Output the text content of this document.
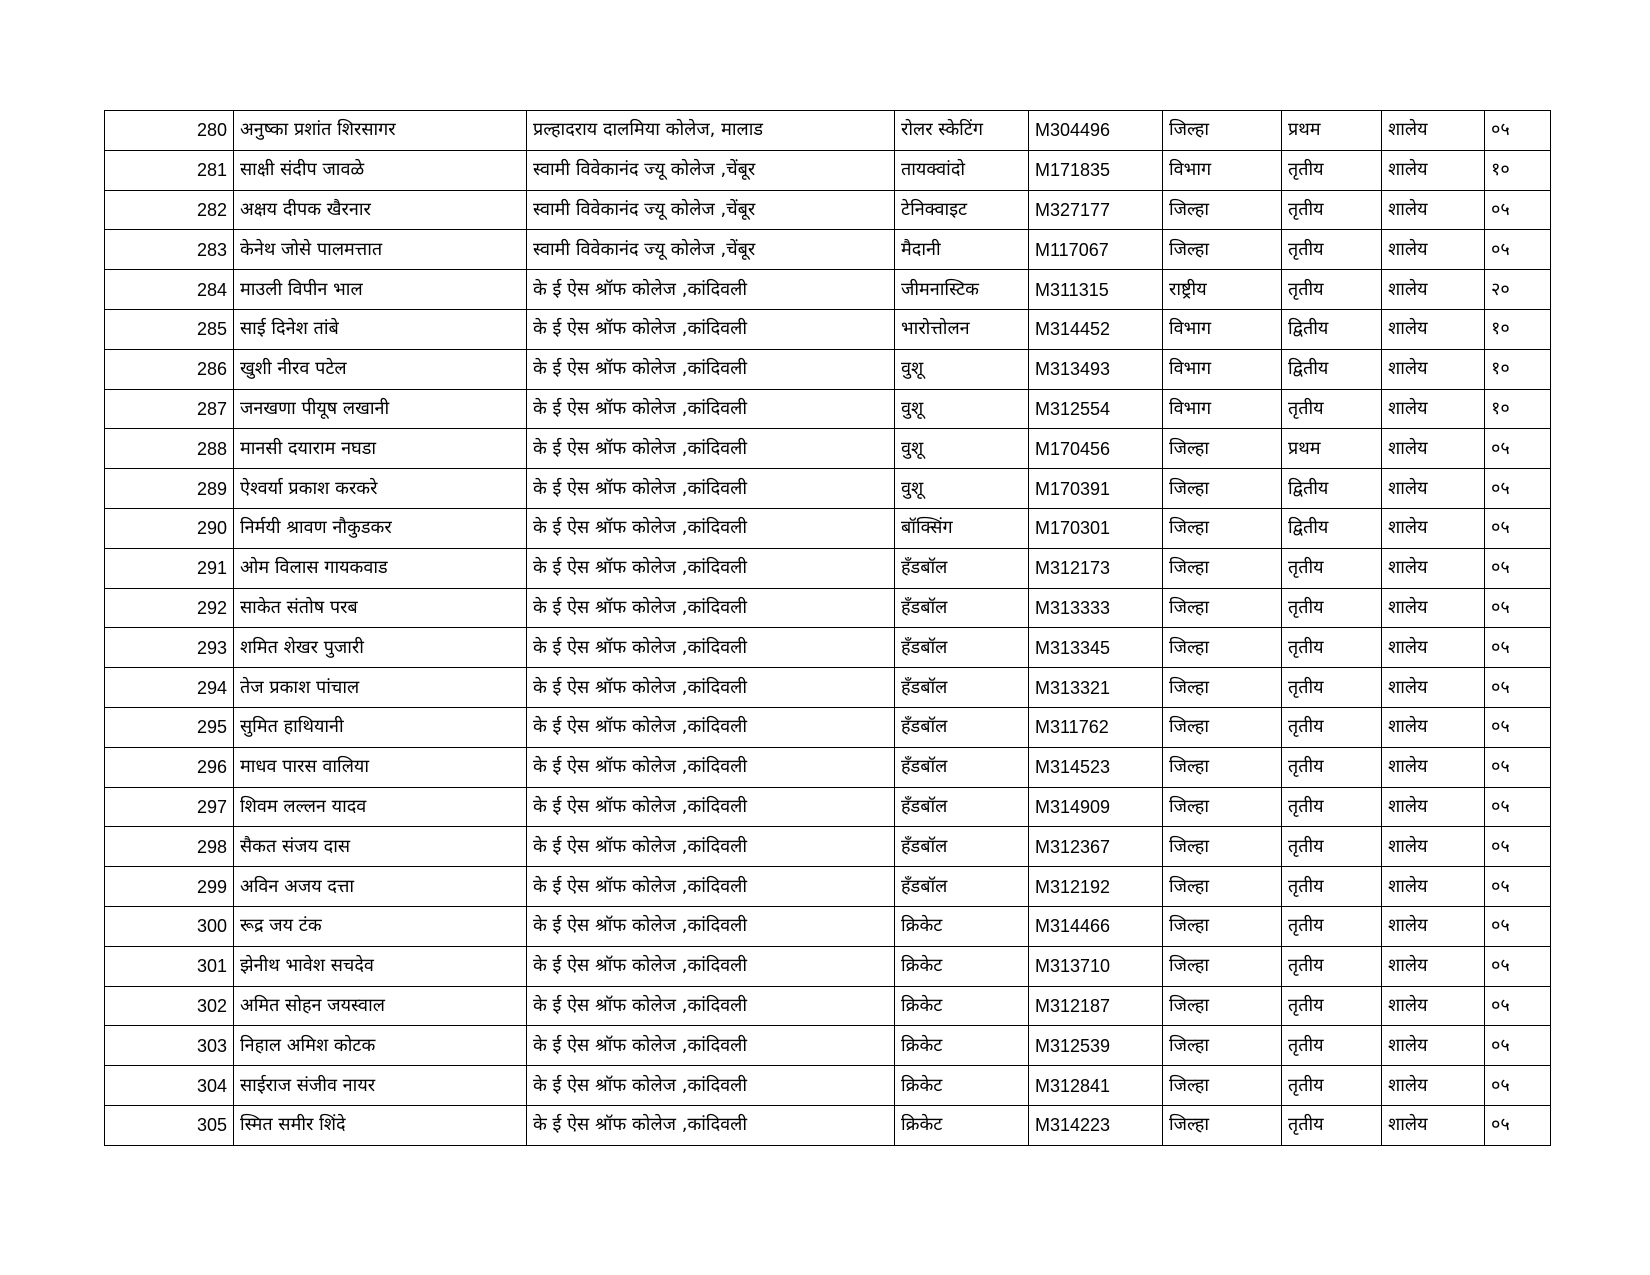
280	अनुष्का प्रशांत शिरसागर	प्रल्हादराय दालमिया कोलेज, मालाड	रोलर स्केटिंग	M304496	जिल्हा	प्रथम	शालेय	०५
281	साक्षी संदीप जावळे	स्वामी विवेकानंद ज्यू कोलेज ,चेंबूर	तायक्वांदो	M171835	विभाग	तृतीय	शालेय	१०
282	अक्षय दीपक खैरनार	स्वामी विवेकानंद ज्यू कोलेज ,चेंबूर	टेनिक्वाइट	M327177	जिल्हा	तृतीय	शालेय	०५
283	केनेथ जोसे पालमत्तात	स्वामी विवेकानंद ज्यू कोलेज ,चेंबूर	मैदानी	M117067	जिल्हा	तृतीय	शालेय	०५
284	माउली विपीन भाल	के ई ऐस श्रॉफ कोलेज ,कांदिवली	जीमनास्टिक	M311315	राष्ट्रीय	तृतीय	शालेय	२०
285	साई दिनेश तांबे	के ई ऐस श्रॉफ कोलेज ,कांदिवली	भारोत्तोलन	M314452	विभाग	द्वितीय	शालेय	१०
286	खुशी नीरव पटेल	के ई ऐस श्रॉफ कोलेज ,कांदिवली	वुशू	M313493	विभाग	द्वितीय	शालेय	१०
287	जनखणा पीयूष लखानी	के ई ऐस श्रॉफ कोलेज ,कांदिवली	वुशू	M312554	विभाग	तृतीय	शालेय	१०
288	मानसी दयाराम नघडा	के ई ऐस श्रॉफ कोलेज ,कांदिवली	वुशू	M170456	जिल्हा	प्रथम	शालेय	०५
289	ऐश्वर्या प्रकाश करकरे	के ई ऐस श्रॉफ कोलेज ,कांदिवली	वुशू	M170391	जिल्हा	द्वितीय	शालेय	०५
290	निर्मयी श्रावण नौकुडकर	के ई ऐस श्रॉफ कोलेज ,कांदिवली	बॉक्सिंग	M170301	जिल्हा	द्वितीय	शालेय	०५
291	ओम विलास गायकवाड	के ई ऐस श्रॉफ कोलेज ,कांदिवली	हँडबॉल	M312173	जिल्हा	तृतीय	शालेय	०५
292	साकेत संतोष परब	के ई ऐस श्रॉफ कोलेज ,कांदिवली	हँडबॉल	M313333	जिल्हा	तृतीय	शालेय	०५
293	शमित शेखर पुजारी	के ई ऐस श्रॉफ कोलेज ,कांदिवली	हँडबॉल	M313345	जिल्हा	तृतीय	शालेय	०५
294	तेज प्रकाश पांचाल	के ई ऐस श्रॉफ कोलेज ,कांदिवली	हँडबॉल	M313321	जिल्हा	तृतीय	शालेय	०५
295	सुमित हाथियानी	के ई ऐस श्रॉफ कोलेज ,कांदिवली	हँडबॉल	M311762	जिल्हा	तृतीय	शालेय	०५
296	माधव पारस वालिया	के ई ऐस श्रॉफ कोलेज ,कांदिवली	हँडबॉल	M314523	जिल्हा	तृतीय	शालेय	०५
297	शिवम लल्लन यादव	के ई ऐस श्रॉफ कोलेज ,कांदिवली	हँडबॉल	M314909	जिल्हा	तृतीय	शालेय	०५
298	सैकत संजय दास	के ई ऐस श्रॉफ कोलेज ,कांदिवली	हँडबॉल	M312367	जिल्हा	तृतीय	शालेय	०५
299	अविन अजय दत्ता	के ई ऐस श्रॉफ कोलेज ,कांदिवली	हँडबॉल	M312192	जिल्हा	तृतीय	शालेय	०५
300	रूद्र जय टंक	के ई ऐस श्रॉफ कोलेज ,कांदिवली	क्रिकेट	M314466	जिल्हा	तृतीय	शालेय	०५
301	झेनीथ भावेश सचदेव	के ई ऐस श्रॉफ कोलेज ,कांदिवली	क्रिकेट	M313710	जिल्हा	तृतीय	शालेय	०५
302	अमित सोहन जयस्वाल	के ई ऐस श्रॉफ कोलेज ,कांदिवली	क्रिकेट	M312187	जिल्हा	तृतीय	शालेय	०५
303	निहाल अमिश कोटक	के ई ऐस श्रॉफ कोलेज ,कांदिवली	क्रिकेट	M312539	जिल्हा	तृतीय	शालेय	०५
304	साईराज संजीव नायर	के ई ऐस श्रॉफ कोलेज ,कांदिवली	क्रिकेट	M312841	जिल्हा	तृतीय	शालेय	०५
305	स्मित समीर शिंदे	के ई ऐस श्रॉफ कोलेज ,कांदिवली	क्रिकेट	M314223	जिल्हा	तृतीय	शालेय	०५
